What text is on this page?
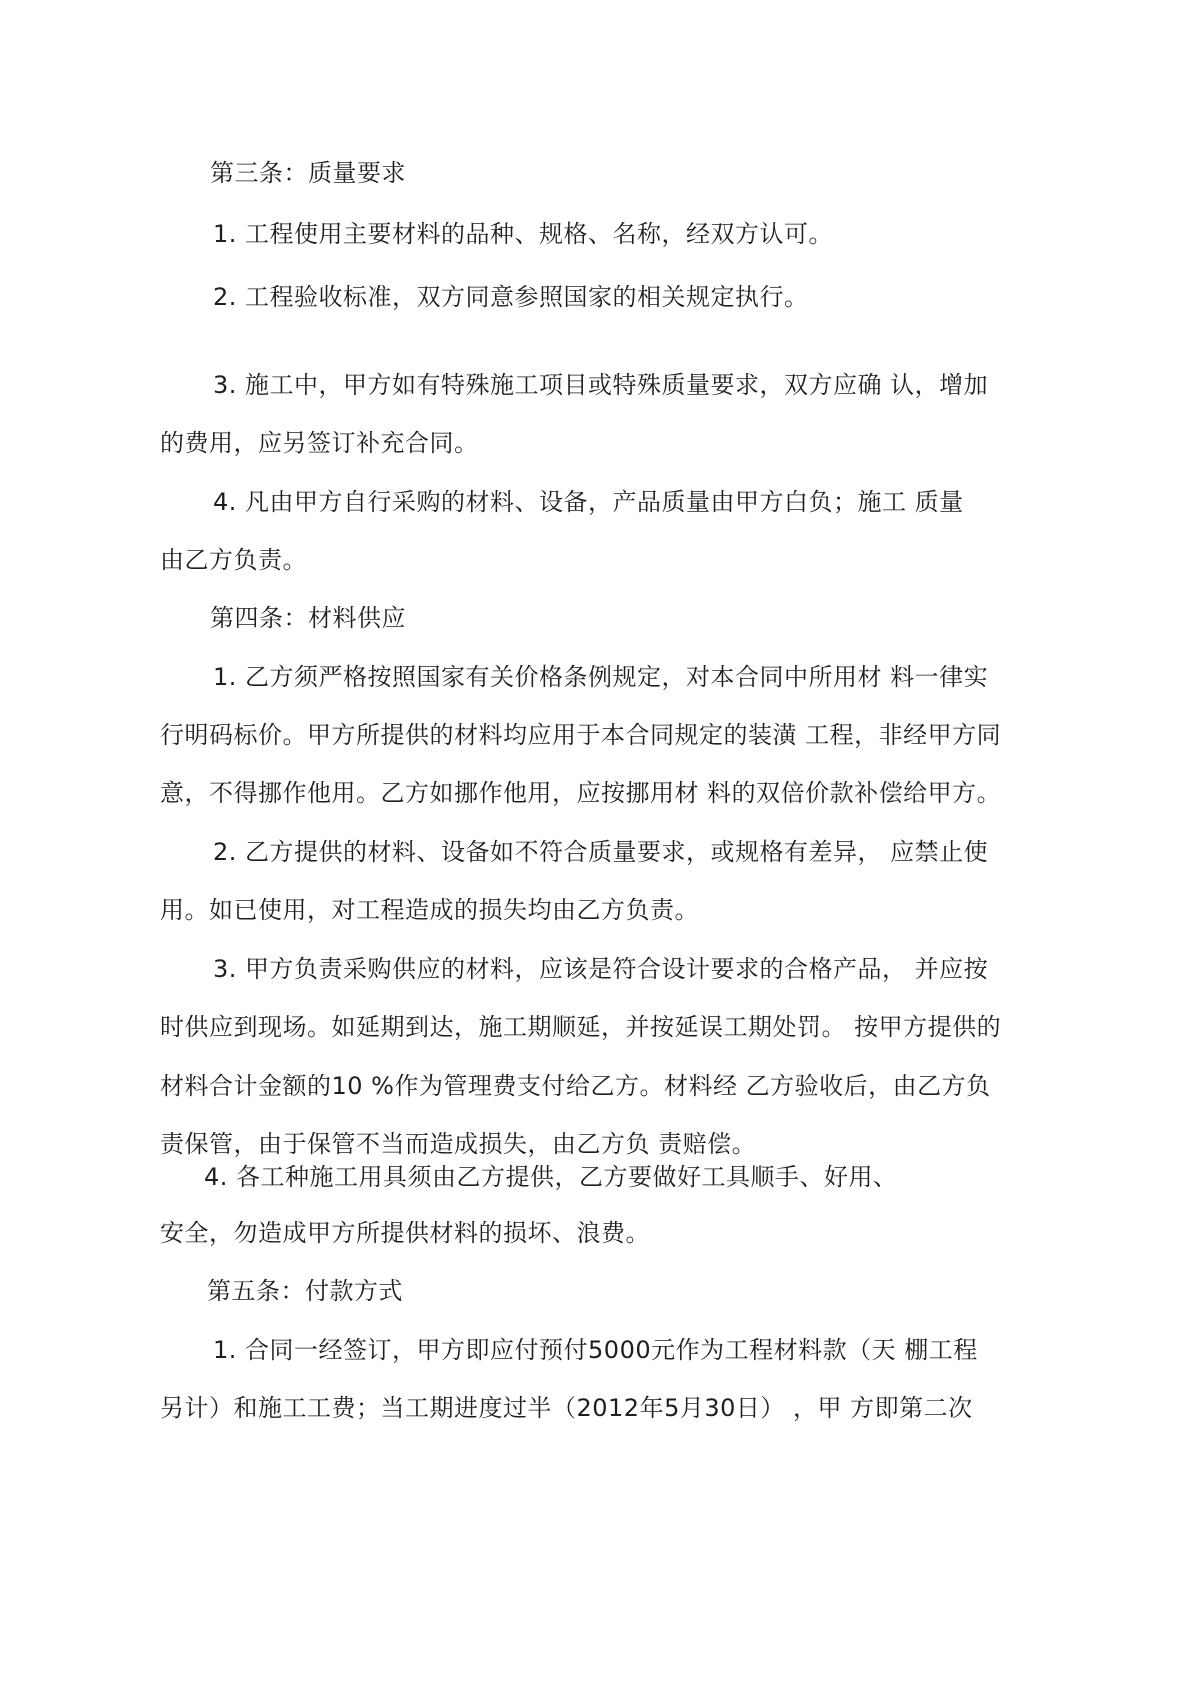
第三条：质量要求
1. 工程使用主要材料的品种、规格、名称，经双方认可。
2. 工程验收标准，双方同意参照国家的相关规定执行。
3. 施工中，甲方如有特殊施工项目或特殊质量要求，双方应确 认，增加
的费用，应另签订补充合同。
4. 凡由甲方自行采购的材料、设备，产品质量由甲方白负；施工 质量
由乙方负责。
第四条：材料供应
1. 乙方须严格按照国家有关价格条例规定，对本合同中所用材 料一律实
行明码标价。甲方所提供的材料均应用于本合同规定的装潢 工程，非经甲方同
意，不得挪作他用。乙方如挪作他用，应按挪用材 料的双倍价款补偿给甲方。
2. 乙方提供的材料、设备如不符合质量要求，或规格有差异， 应禁止使
用。如已使用，对工程造成的损失均由乙方负责。
3. 甲方负责采购供应的材料，应该是符合设计要求的合格产品， 并应按
时供应到现场。如延期到达，施工期顺延，并按延误工期处罚。 按甲方提供的
材料合计金额的10 %作为管理费支付给乙方。材料经 乙方验收后，由乙方负
责保管，由于保管不当而造成损失，由乙方负 责赔偿。
4. 各工种施工用具须由乙方提供，乙方要做好工具顺手、好用、
安全，勿造成甲方所提供材料的损坏、浪费。
第五条：付款方式
1. 合同一经签订，甲方即应付预付5000元作为工程材料款（天 棚工程
另计）和施工工费；当工期进度过半（2012年5月30日） ，甲 方即第二次
